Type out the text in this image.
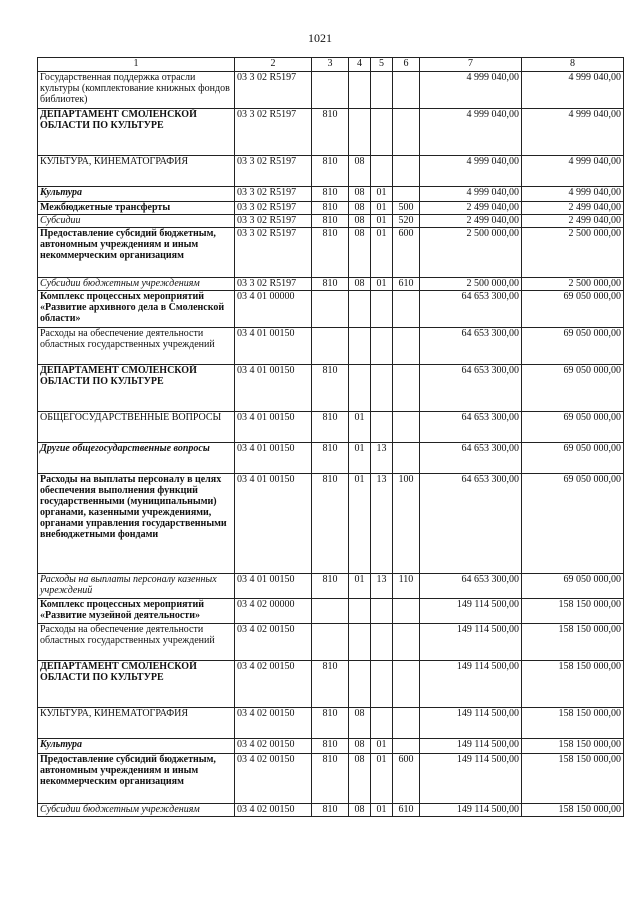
1021
1	2	3	4	5	6	7	8
Государственная поддержка отрасли культуры (комплектование книжных фондов библиотек)	03 3 02 R5197					4 999 040,00	4 999 040,00
ДЕПАРТАМЕНТ СМОЛЕНСКОЙ ОБЛАСТИ ПО КУЛЬТУРЕ	03 3 02 R5197	810				4 999 040,00	4 999 040,00
КУЛЬТУРА, КИНЕМАТОГРАФИЯ	03 3 02 R5197	810	08			4 999 040,00	4 999 040,00
Культура	03 3 02 R5197	810	08	01		4 999 040,00	4 999 040,00
Межбюджетные трансферты	03 3 02 R5197	810	08	01	500	2 499 040,00	2 499 040,00
Субсидии	03 3 02 R5197	810	08	01	520	2 499 040,00	2 499 040,00
Предоставление субсидий бюджетным, автономным учреждениям и иным некоммерческим организациям	03 3 02 R5197	810	08	01	600	2 500 000,00	2 500 000,00
Субсидии бюджетным учреждениям	03 3 02 R5197	810	08	01	610	2 500 000,00	2 500 000,00
Комплекс процессных мероприятий «Развитие архивного дела в Смоленской области»	03 4 01 00000					64 653 300,00	69 050 000,00
Расходы на обеспечение деятельности областных государственных учреждений	03 4 01 00150					64 653 300,00	69 050 000,00
ДЕПАРТАМЕНТ СМОЛЕНСКОЙ ОБЛАСТИ ПО КУЛЬТУРЕ	03 4 01 00150	810				64 653 300,00	69 050 000,00
ОБЩЕГОСУДАРСТВЕННЫЕ ВОПРОСЫ	03 4 01 00150	810	01			64 653 300,00	69 050 000,00
Другие общегосударственные вопросы	03 4 01 00150	810	01	13		64 653 300,00	69 050 000,00
Расходы на выплаты персоналу в целях обеспечения выполнения функций государственными (муниципальными) органами, казенными учреждениями, органами управления государственными внебюджетными фондами	03 4 01 00150	810	01	13	100	64 653 300,00	69 050 000,00
Расходы на выплаты персоналу казенных учреждений	03 4 01 00150	810	01	13	110	64 653 300,00	69 050 000,00
Комплекс процессных мероприятий «Развитие музейной деятельности»	03 4 02 00000					149 114 500,00	158 150 000,00
Расходы на обеспечение деятельности областных государственных учреждений	03 4 02 00150					149 114 500,00	158 150 000,00
ДЕПАРТАМЕНТ СМОЛЕНСКОЙ ОБЛАСТИ ПО КУЛЬТУРЕ	03 4 02 00150	810				149 114 500,00	158 150 000,00
КУЛЬТУРА, КИНЕМАТОГРАФИЯ	03 4 02 00150	810	08			149 114 500,00	158 150 000,00
Культура	03 4 02 00150	810	08	01		149 114 500,00	158 150 000,00
Предоставление субсидий бюджетным, автономным учреждениям и иным некоммерческим организациям	03 4 02 00150	810	08	01	600	149 114 500,00	158 150 000,00
Субсидии бюджетным учреждениям	03 4 02 00150	810	08	01	610	149 114 500,00	158 150 000,00
